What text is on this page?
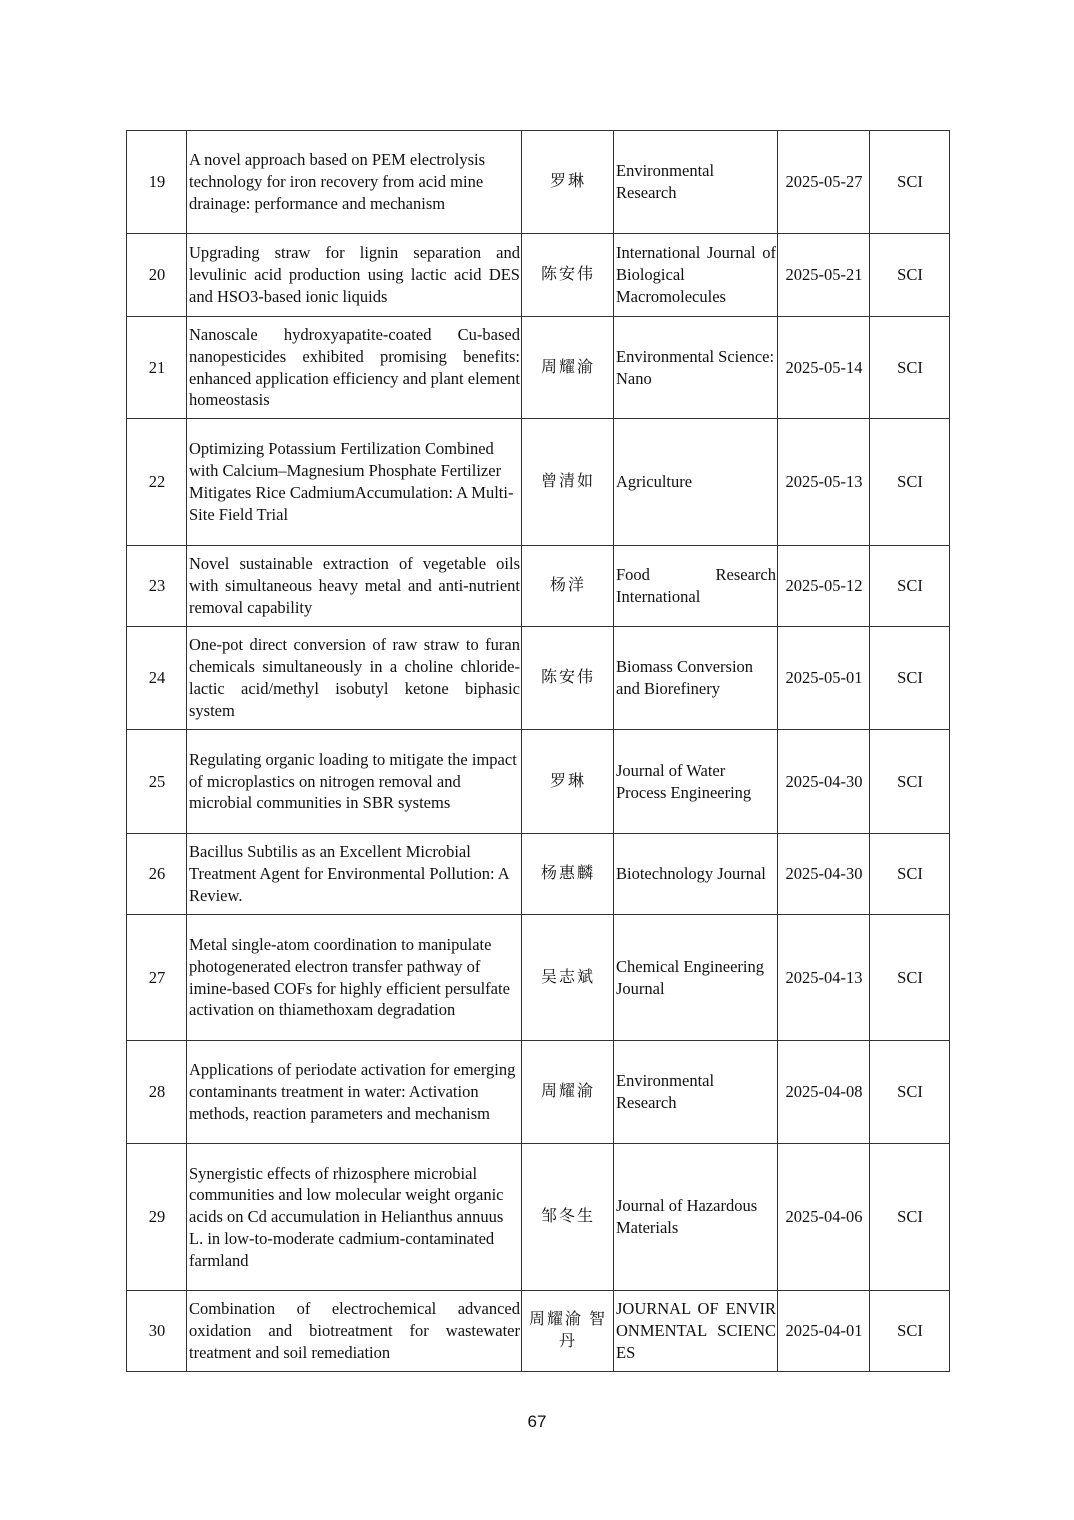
19	A novel approach based on PEM electrolysis technology for iron recovery from acid mine drainage: performance and mechanism	罗琳	Environmental Research	2025-05-27	SCI
20	Upgrading straw for lignin separation and levulinic acid production using lactic acid DES and HSO3-based ionic liquids	陈安伟	International Journal of Biological Macromolecules	2025-05-21	SCI
21	Nanoscale hydroxyapatite-coated Cu-based nanopesticides exhibited promising benefits: enhanced application efficiency and plant element homeostasis	周耀渝	Environmental Science: Nano	2025-05-14	SCI
22	Optimizing Potassium Fertilization Combined with Calcium–Magnesium Phosphate Fertilizer Mitigates Rice CadmiumAccumulation: A Multi-Site Field Trial	曾清如	Agriculture	2025-05-13	SCI
23	Novel sustainable extraction of vegetable oils with simultaneous heavy metal and anti-nutrient removal capability	杨洋	Food Research International	2025-05-12	SCI
24	One-pot direct conversion of raw straw to furan chemicals simultaneously in a choline chloride-lactic acid/methyl isobutyl ketone biphasic system	陈安伟	Biomass Conversion and Biorefinery	2025-05-01	SCI
25	Regulating organic loading to mitigate the impact of microplastics on nitrogen removal and microbial communities in SBR systems	罗琳	Journal of Water Process Engineering	2025-04-30	SCI
26	Bacillus Subtilis as an Excellent Microbial Treatment Agent for Environmental Pollution: A Review.	杨惠麟	Biotechnology Journal	2025-04-30	SCI
27	Metal single-atom coordination to manipulate photogenerated electron transfer pathway of imine-based COFs for highly efficient persulfate activation on thiamethoxam degradation	吴志斌	Chemical Engineering Journal	2025-04-13	SCI
28	Applications of periodate activation for emerging contaminants treatment in water: Activation methods, reaction parameters and mechanism	周耀渝	Environmental Research	2025-04-08	SCI
29	Synergistic effects of rhizosphere microbial communities and low molecular weight organic acids on Cd accumulation in Helianthus annuus L. in low-to-moderate cadmium-contaminated farmland	邹冬生	Journal of Hazardous Materials	2025-04-06	SCI
30	Combination of electrochemical advanced oxidation and biotreatment for wastewater treatment and soil remediation	周耀渝 智丹	JOURNAL OF ENVIRONMENTAL SCIENCES	2025-04-01	SCI
67
